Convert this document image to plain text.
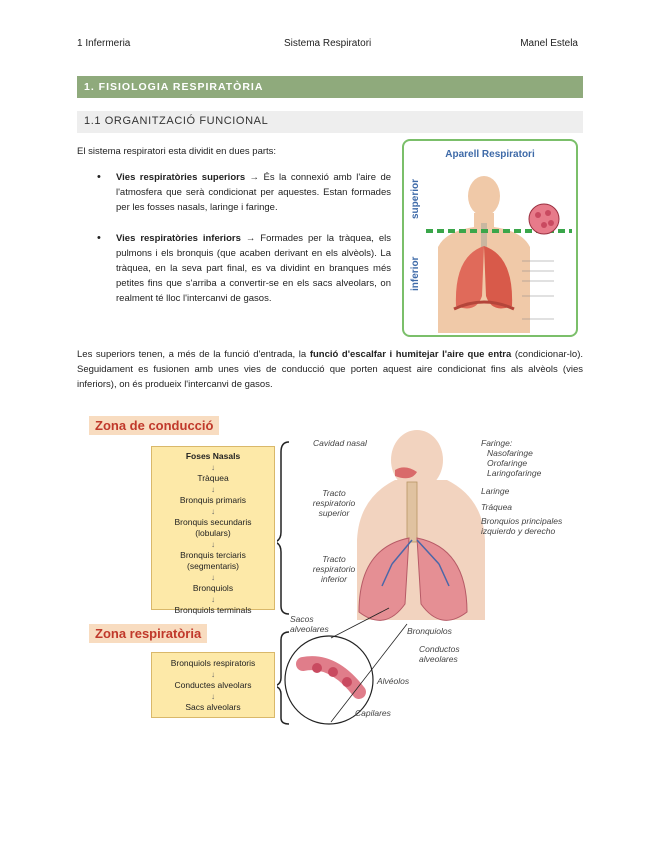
1 Infermeria	Sistema Respiratori	Manel Estela
1. FISIOLOGIA RESPIRATÒRIA
1.1 ORGANITZACIÓ FUNCIONAL
El sistema respiratori esta dividit en dues parts:
• Vies respiratòries superiors → És la connexió amb l'aire de l'atmosfera que serà condicionat per aquestes. Estan formades per les fosses nasals, laringe i faringe.
• Vies respiratòries inferiors → Formades per la tràquea, els pulmons i els bronquis (que acaben derivant en els alvèols). La tràquea, en la seva part final, es va dividint en branques més petites fins que s'arriba a convertir-se en els sacs alveolars, on realment té lloc l'intercanvi de gasos.
Aparell Respiratori
superior
inferior
Les superiors tenen, a més de la funció d'entrada, la funció d'escalfar i humitejar l'aire que entra (condicionar-lo). Seguidament es fusionen amb unes vies de conducció que porten aquest aire condicionat fins als alvèols (vies inferiors), on és produeix l'intercanvi de gasos.
Zona de conducció
Foses Nasals
↓
Tràquea
↓
Bronquis primaris
↓
Bronquis secundaris (lobulars)
↓
Bronquis terciaris (segmentaris)
↓
Bronquiols
↓
Bronquiols terminals
Zona respiratòria
Bronquiols respiratoris
↓
Conductes alveolars
↓
Sacs alveolars
Cavidad nasal
Tracto respiratorio superior
Tracto respiratorio inferior
Sacos alveolares
Faringe:
Nasofaringe
Orofaringe
Laringofaringe
Laringe
Tráquea
Bronquios principales izquierdo y derecho
Bronquiolos
Conductos alveolares
Alvéolos
Capilares
